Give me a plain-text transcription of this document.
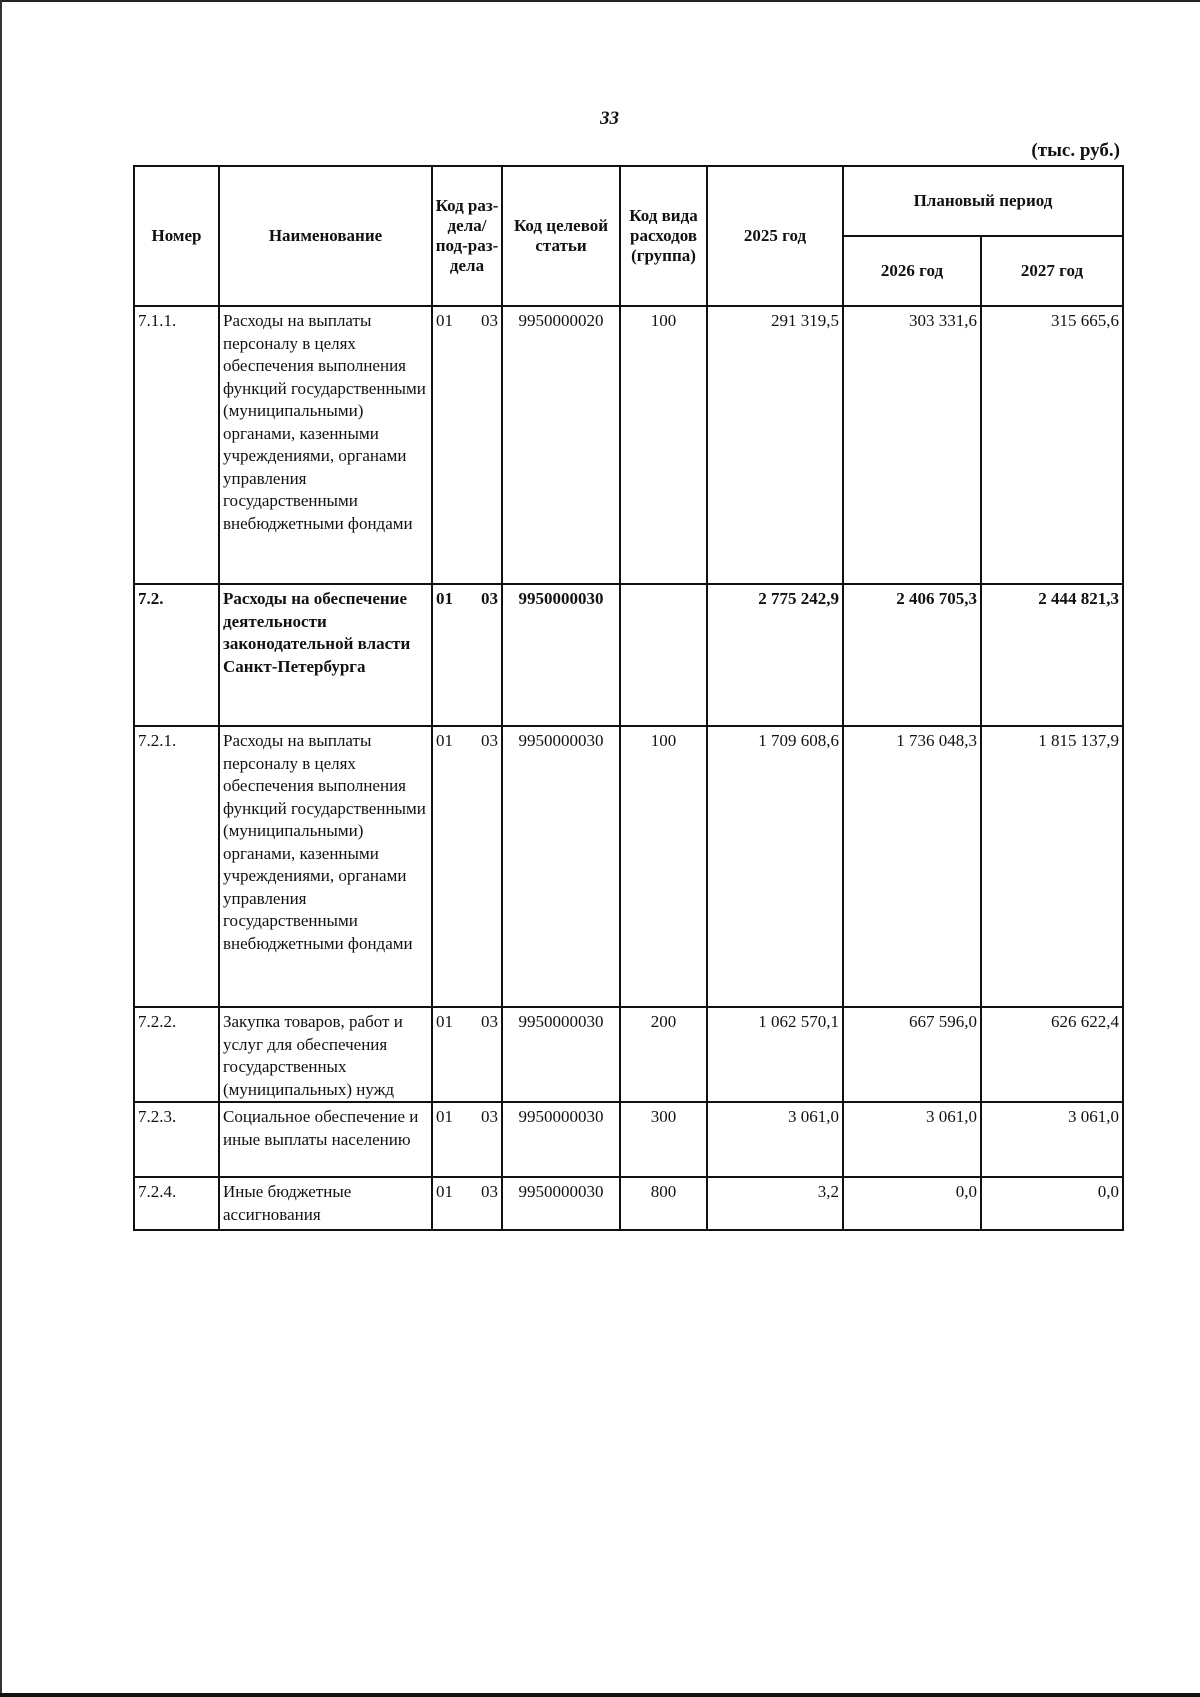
33
(тыс. руб.)
Номер	Наименование	Код раз-дела/ под-раз-дела	Код целевой статьи	Код вида расходов (группа)	2025 год	Плановый период	
						2026 год	2027 год
7.1.1.	Расходы на выплаты персоналу в целях обеспечения выполнения функций государственными (муниципальными) органами, казенными учреждениями, органами управления государственными внебюджетными фондами	01 03	9950000020	100	291 319,5	303 331,6	315 665,6
7.2.	Расходы на обеспечение деятельности законодательной власти Санкт-Петербурга	01 03	9950000030		2 775 242,9	2 406 705,3	2 444 821,3
7.2.1.	Расходы на выплаты персоналу в целях обеспечения выполнения функций государственными (муниципальными) органами, казенными учреждениями, органами управления государственными внебюджетными фондами	01 03	9950000030	100	1 709 608,6	1 736 048,3	1 815 137,9
7.2.2.	Закупка товаров, работ и услуг для обеспечения государственных (муниципальных) нужд	01 03	9950000030	200	1 062 570,1	667 596,0	626 622,4
7.2.3.	Социальное обеспечение и иные выплаты населению	01 03	9950000030	300	3 061,0	3 061,0	3 061,0
7.2.4.	Иные бюджетные ассигнования	01 03	9950000030	800	3,2	0,0	0,0
